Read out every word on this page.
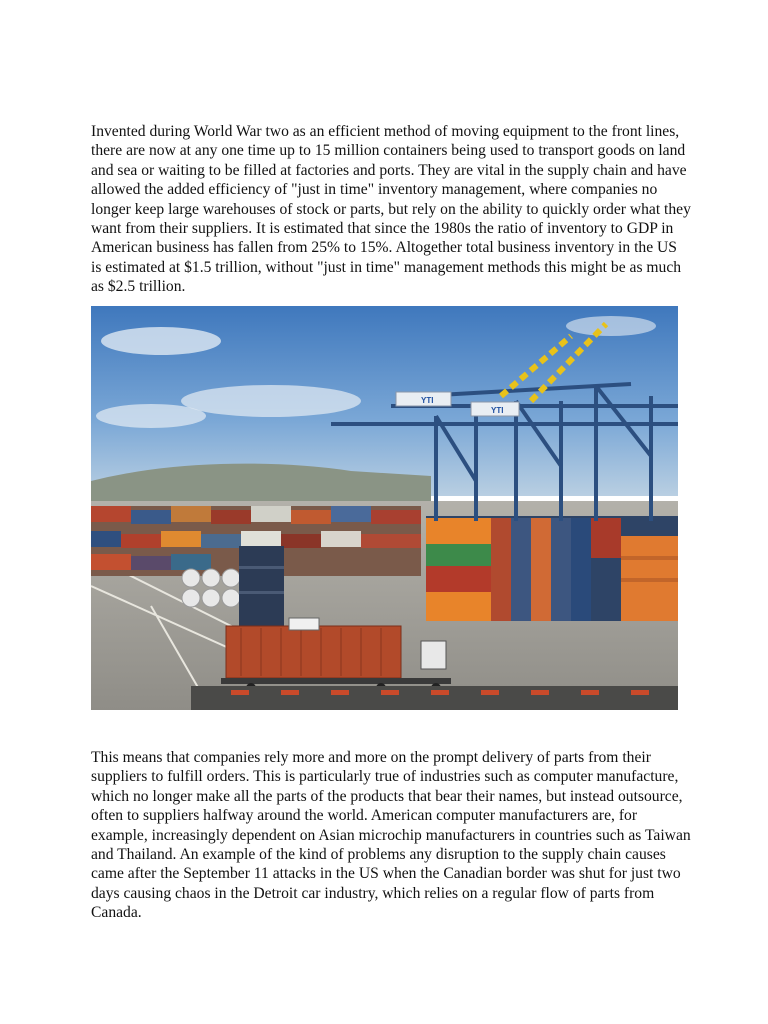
Invented during World War two as an efficient method of moving equipment to the front lines, there are now at any one time up to 15 million containers being used to transport goods on land and sea or waiting to be filled at factories and ports. They are vital in the supply chain and have allowed the added efficiency of "just in time" inventory management, where companies no longer keep large warehouses of stock or parts, but rely on the ability to quickly order what they want from their suppliers. It is estimated that since the 1980s the ratio of inventory to GDP in American business has fallen from 25% to 15%. Altogether total business inventory in the US is estimated at $1.5 trillion, without "just in time" management methods this might be as much as $2.5 trillion.

YTI
YTI

This means that companies rely more and more on the prompt delivery of parts from their suppliers to fulfill orders. This is particularly true of industries such as computer manufacture, which no longer make all the parts of the products that bear their names, but instead outsource, often to suppliers halfway around the world. American computer manufacturers are, for example, increasingly dependent on Asian microchip manufacturers in countries such as Taiwan and Thailand. An example of the kind of problems any disruption to the supply chain causes came after the September 11 attacks in the US when the Canadian border was shut for just two days causing chaos in the Detroit car industry, which relies on a regular flow of parts from Canada.
